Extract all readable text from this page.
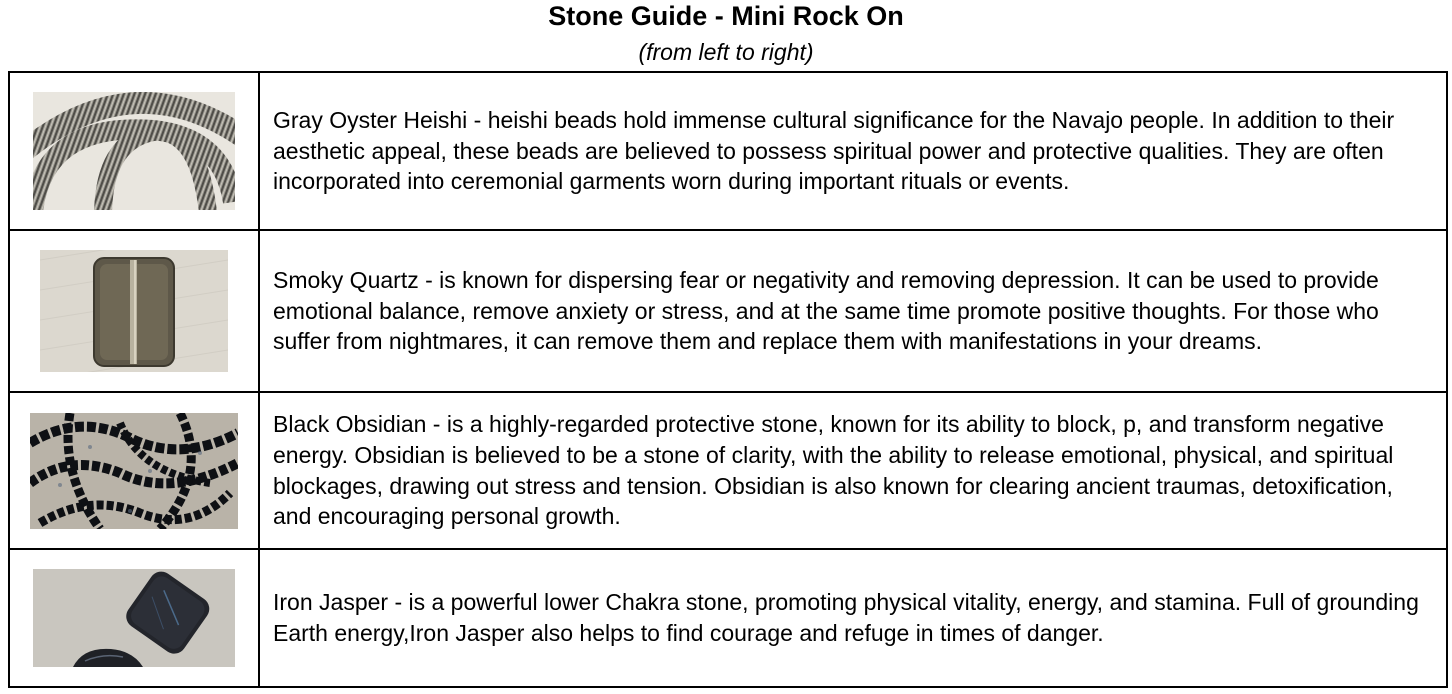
Stone Guide - Mini Rock On

(from left to right)

	Gray Oyster Heishi - heishi beads hold immense cultural significance for the Navajo people. In addition to their aesthetic appeal, these beads are believed to possess spiritual power and protective qualities. They are often incorporated into ceremonial garments worn during important rituals or events.

	Smoky Quartz - is known for dispersing fear or negativity and removing depression. It can be used to provide emotional balance, remove anxiety or stress, and at the same time promote positive thoughts. For those who suffer from nightmares, it can remove them and replace them with manifestations in your dreams.

	Black Obsidian - is a highly-regarded protective stone, known for its ability to block, p, and transform negative energy. Obsidian is believed to be a stone of clarity, with the ability to release emotional, physical, and spiritual blockages, drawing out stress and tension. Obsidian is also known for clearing ancient traumas, detoxification, and encouraging personal growth.

	Iron Jasper - is a powerful lower Chakra stone, promoting physical vitality, energy, and stamina. Full of grounding Earth energy,Iron Jasper also helps to find courage and refuge in times of danger.
